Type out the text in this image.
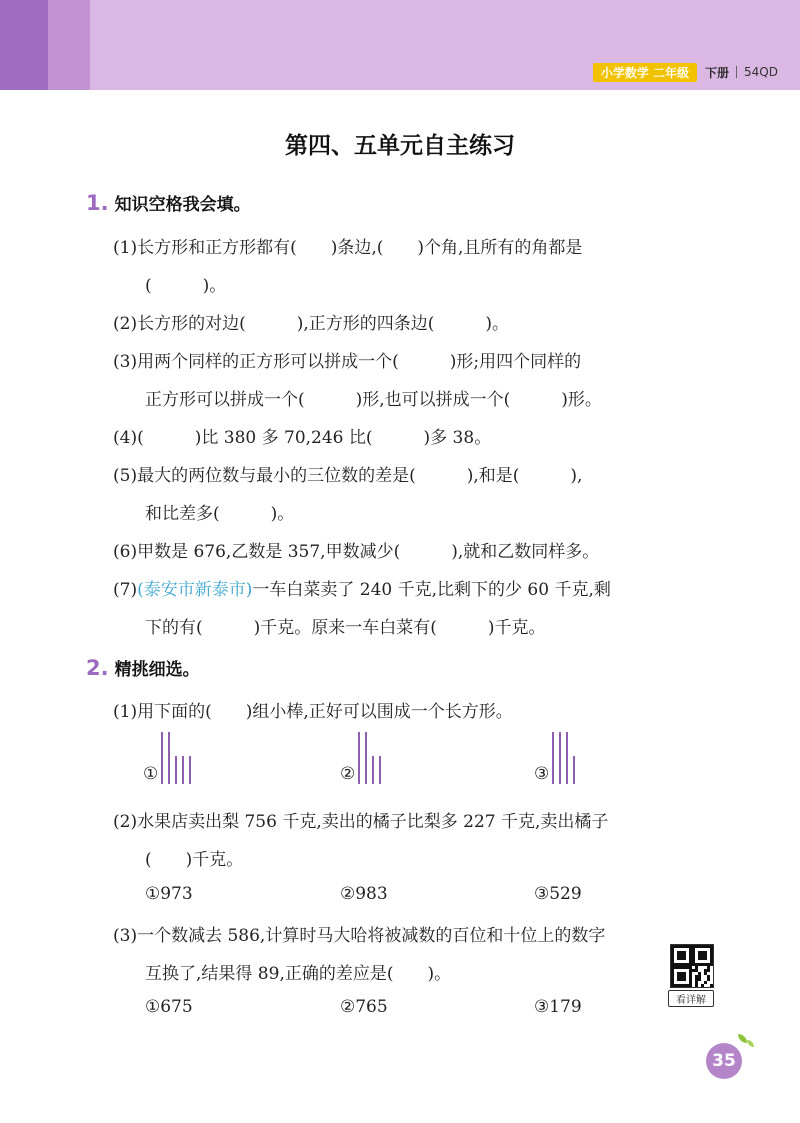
小学数学 二年级	下册 54QD
第四、五单元自主练习
1. 知识空格我会填。
(1)长方形和正方形都有(　　)条边,(　　)个角,且所有的角都是
(　　　)。
(2)长方形的对边(　　　),正方形的四条边(　　　)。
(3)用两个同样的正方形可以拼成一个(　　　)形;用四个同样的
正方形可以拼成一个(　　　)形,也可以拼成一个(　　　)形。
(4)(　　　)比 380 多 70,246 比(　　　)多 38。
(5)最大的两位数与最小的三位数的差是(　　　),和是(　　　),
和比差多(　　　)。
(6)甲数是 676,乙数是 357,甲数减少(　　　),就和乙数同样多。
(7)(泰安市新泰市)一车白菜卖了 240 千克,比剩下的少 60 千克,剩
下的有(　　　)千克。原来一车白菜有(　　　)千克。
2. 精挑细选。
(1)用下面的(　　)组小棒,正好可以围成一个长方形。
①	②	③
(2)水果店卖出梨 756 千克,卖出的橘子比梨多 227 千克,卖出橘子
(　　)千克。
①973	②983	③529
(3)一个数减去 586,计算时马大哈将被减数的百位和十位上的数字
互换了,结果得 89,正确的差应是(　　)。
①675	②765	③179	看详解
35
